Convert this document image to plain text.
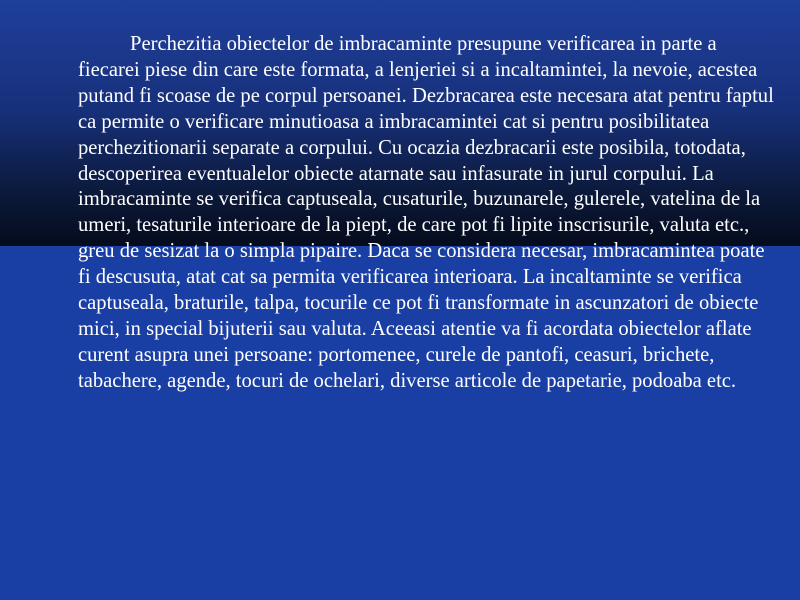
Perchezitia obiectelor de imbracaminte presupune verificarea in parte a fiecarei piese din care este formata, a lenjeriei si a incaltamintei, la nevoie, acestea putand fi scoase de pe corpul persoanei. Dezbracarea este necesara atat pentru faptul ca permite o verificare minutioasa a imbracamintei cat si pentru posibilitatea perchezitionarii separate a corpului. Cu ocazia dezbracarii este posibila, totodata, descoperirea eventualelor obiecte atarnate sau infasurate in jurul corpului. La imbracaminte se verifica captuseala, cusaturile, buzunarele, gulerele, vatelina de la umeri, tesaturile interioare de la piept, de care pot fi lipite inscrisurile, valuta etc., greu de sesizat la o simpla pipaire. Daca se considera necesar, imbracamintea poate fi descusuta, atat cat sa permita verificarea interioara. La incaltaminte se verifica captuseala, braturile, talpa, tocurile ce pot fi transformate in ascunzatori de obiecte mici, in special bijuterii sau valuta. Aceeasi atentie va fi acordata obiectelor aflate curent asupra unei persoane: portomenee, curele de pantofi, ceasuri, brichete, tabachere, agende, tocuri de ochelari, diverse articole de papetarie, podoaba etc.
